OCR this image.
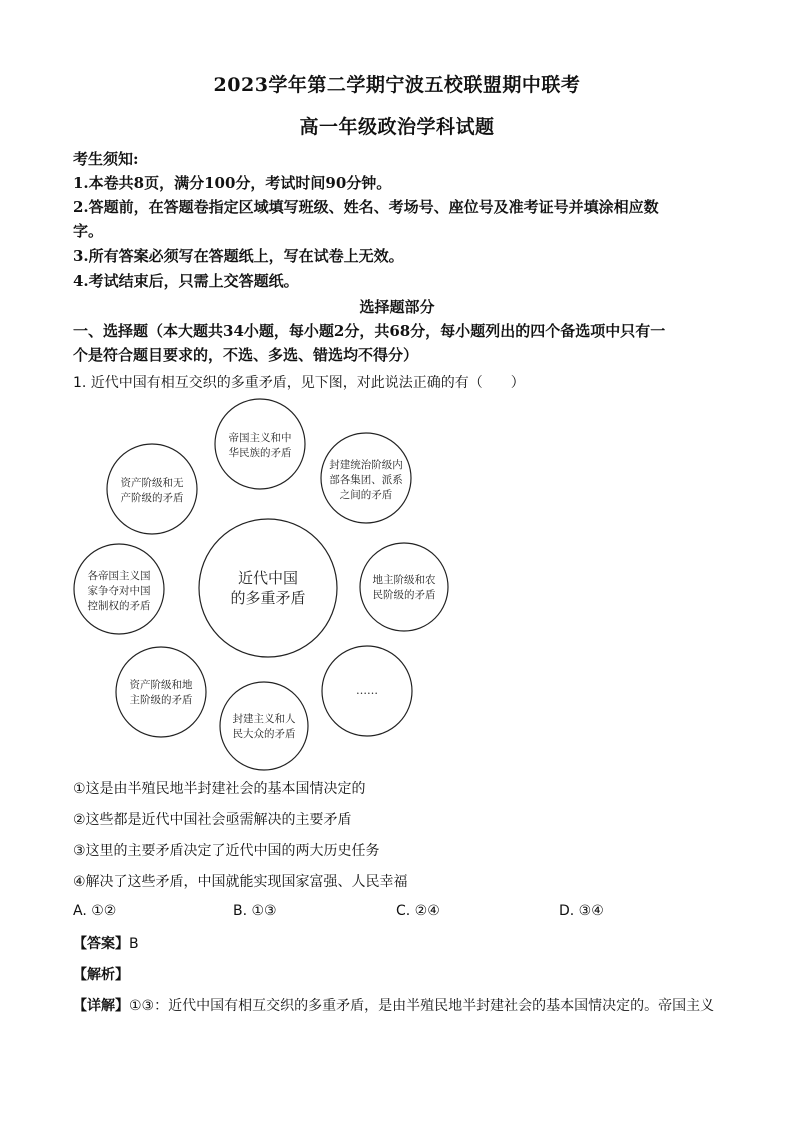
2023学年第二学期宁波五校联盟期中联考
高一年级政治学科试题
考生须知:
1.本卷共8页，满分100分，考试时间90分钟。
2.答题前，在答题卷指定区域填写班级、姓名、考场号、座位号及准考证号并填涂相应数
字。
3.所有答案必须写在答题纸上，写在试卷上无效。
4.考试结束后，只需上交答题纸。
选择题部分
一、选择题（本大题共34小题，每小题2分，共68分，每小题列出的四个备选项中只有一
个是符合题目要求的，不选、多选、错选均不得分）
1. 近代中国有相互交织的多重矛盾，见下图，对此说法正确的有（　　）
近代中国
的多重矛盾
帝国主义和中
华民族的矛盾
封建统治阶级内
部各集团、派系
之间的矛盾
地主阶级和农
民阶级的矛盾
……
封建主义和人
民大众的矛盾
资产阶级和地
主阶级的矛盾
各帝国主义国
家争夺对中国
控制权的矛盾
资产阶级和无
产阶级的矛盾
①这是由半殖民地半封建社会的基本国情决定的
②这些都是近代中国社会亟需解决的主要矛盾
③这里的主要矛盾决定了近代中国的两大历史任务
④解决了这些矛盾，中国就能实现国家富强、人民幸福
A. ①②	B. ①③	C. ②④	D. ③④
【答案】B
【解析】
【详解】①③：近代中国有相互交织的多重矛盾，是由半殖民地半封建社会的基本国情决定的。帝国主义
